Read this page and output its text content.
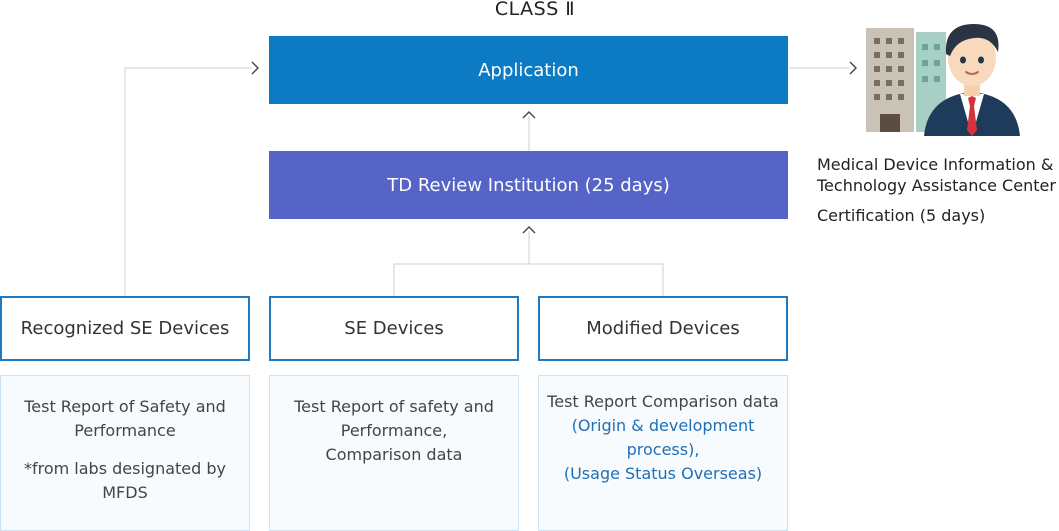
CLASS Ⅱ
Application
TD Review Institution (25 days)
Medical Device Information &
Technology Assistance Center
Certification (5 days)
Recognized SE Devices	SE Devices	Modified Devices

Test Report of Safety and

Performance

*from labs designated by

MFDS

Test Report of safety and

Performance,

Comparison data

Test Report Comparison data

(Origin & development

process),

(Usage Status Overseas)
